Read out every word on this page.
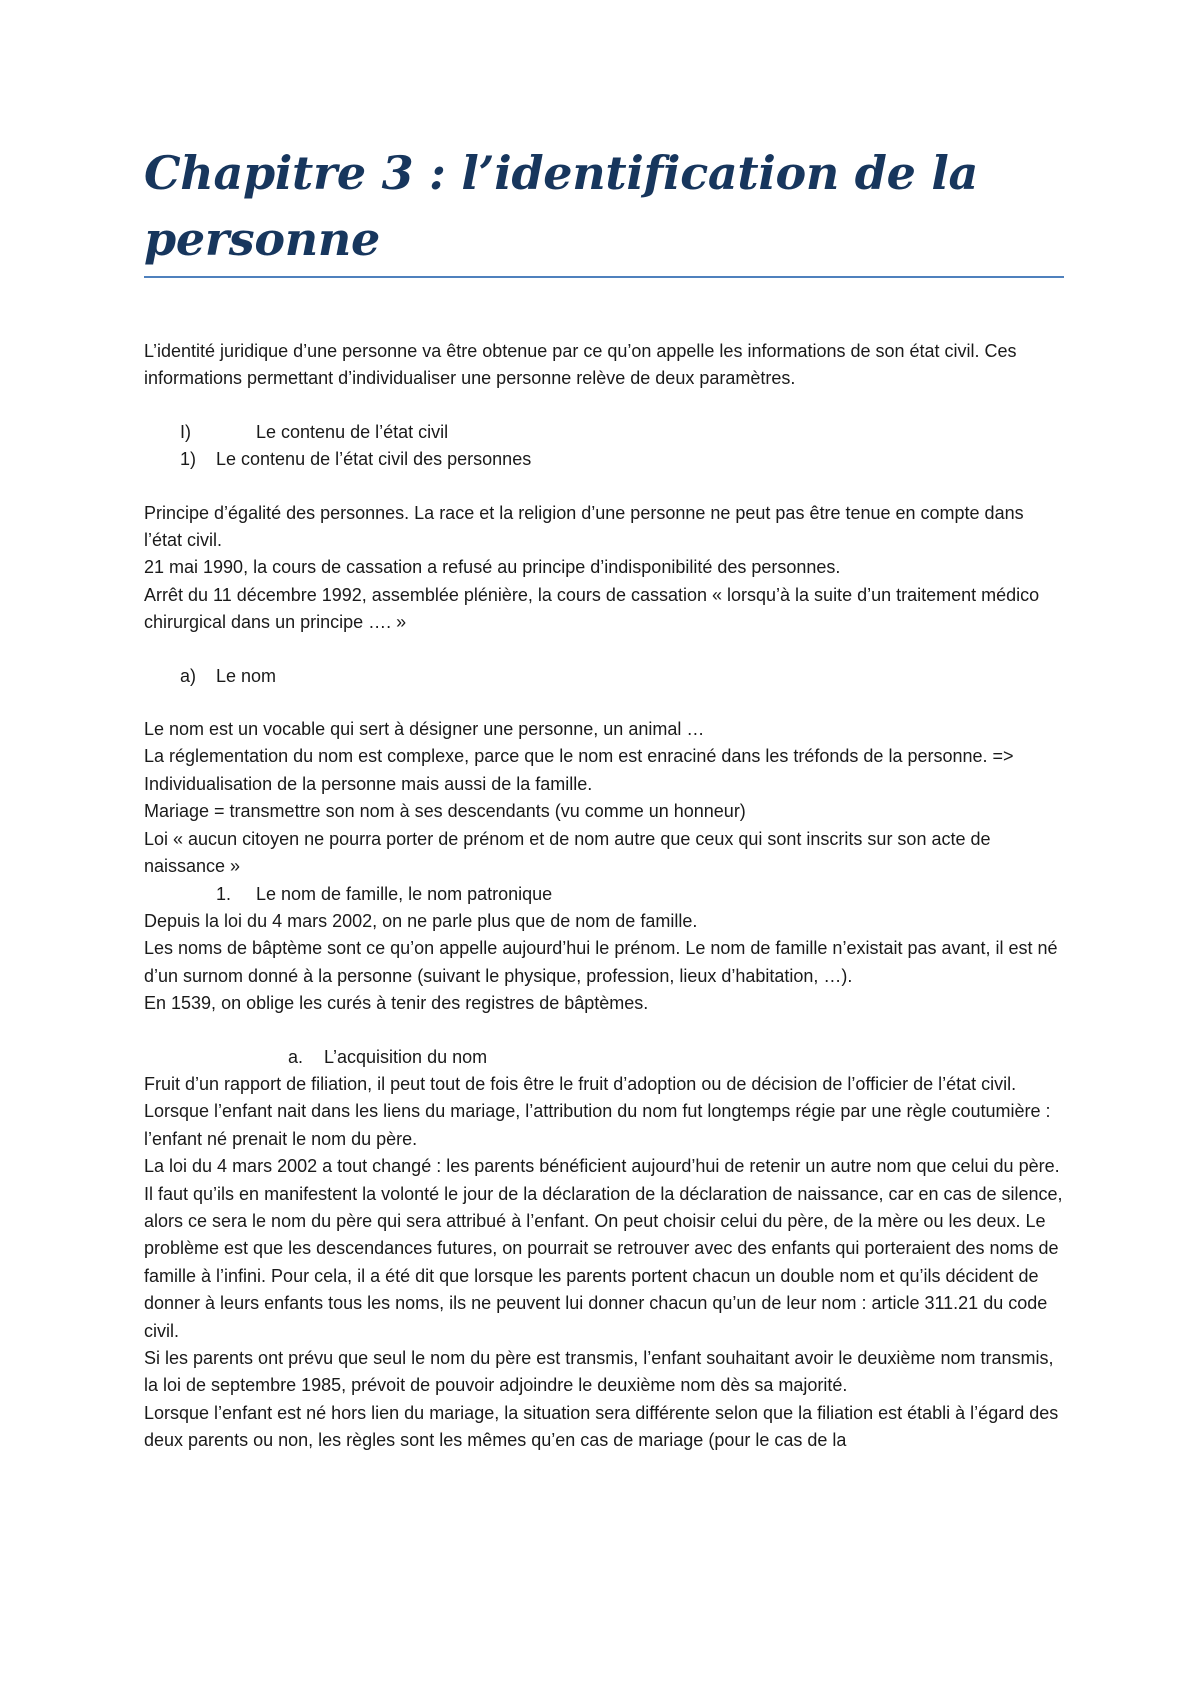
Chapitre 3 : l’identification de la personne

L’identité juridique d’une personne va être obtenue par ce qu’on appelle les informations de son état civil. Ces informations permettant d’individualiser une personne relève de deux paramètres.

I)	Le contenu de l’état civil

1) Le contenu de l’état civil des personnes

Principe d’égalité des personnes. La race et la religion d’une personne ne peut pas être tenue en compte dans l’état civil.

21 mai 1990, la cours de cassation a refusé au principe d’indisponibilité des personnes.

Arrêt du 11 décembre 1992, assemblée plénière, la cours de cassation « lorsqu’à la suite d’un traitement médico chirurgical dans un principe …. »

a) Le nom

Le nom est un vocable qui sert à désigner une personne, un animal …

La réglementation du nom est complexe, parce que le nom est enraciné dans les tréfonds de la personne. => Individualisation de la personne mais aussi de la famille.

Mariage = transmettre son nom à ses descendants (vu comme un honneur)

Loi « aucun citoyen ne pourra porter de prénom et de nom autre que ceux qui sont inscrits sur son acte de naissance »

1. Le nom de famille, le nom patronique

Depuis la loi du 4 mars 2002, on ne parle plus que de nom de famille.

Les noms de bâptème sont ce qu’on appelle aujourd’hui le prénom. Le nom de famille n’existait pas avant, il est né d’un surnom donné à la personne (suivant le physique, profession, lieux d’habitation, …).

En 1539, on oblige les curés à tenir des registres de bâptèmes.

a. L’acquisition du nom

Fruit d’un rapport de filiation, il peut tout de fois être le fruit d’adoption ou de décision de l’officier de l’état civil.

Lorsque l’enfant nait dans les liens du mariage, l’attribution du nom fut longtemps régie par une règle coutumière : l’enfant né prenait le nom du père.

La loi du 4 mars 2002 a tout changé : les parents bénéficient aujourd’hui de retenir un autre nom que celui du père. Il faut qu’ils en manifestent la volonté le jour de la déclaration de la déclaration de naissance, car en cas de silence, alors ce sera le nom du père qui sera attribué à l’enfant. On peut choisir celui du père, de la mère ou les deux. Le problème est que les descendances futures, on pourrait se retrouver avec des enfants qui porteraient des noms de famille à l’infini. Pour cela, il a été dit que lorsque les parents portent chacun un double nom et qu’ils décident de donner à leurs enfants tous les noms, ils ne peuvent lui donner chacun qu’un de leur nom : article 311.21 du code civil.

Si les parents ont prévu que seul le nom du père est transmis, l’enfant souhaitant avoir le deuxième nom transmis, la loi de septembre 1985, prévoit de pouvoir adjoindre le deuxième nom dès sa majorité.

Lorsque l’enfant est né hors lien du mariage, la situation sera différente selon que la filiation est établi à l’égard des deux parents ou non, les règles sont les mêmes qu’en cas de mariage (pour le cas de la
